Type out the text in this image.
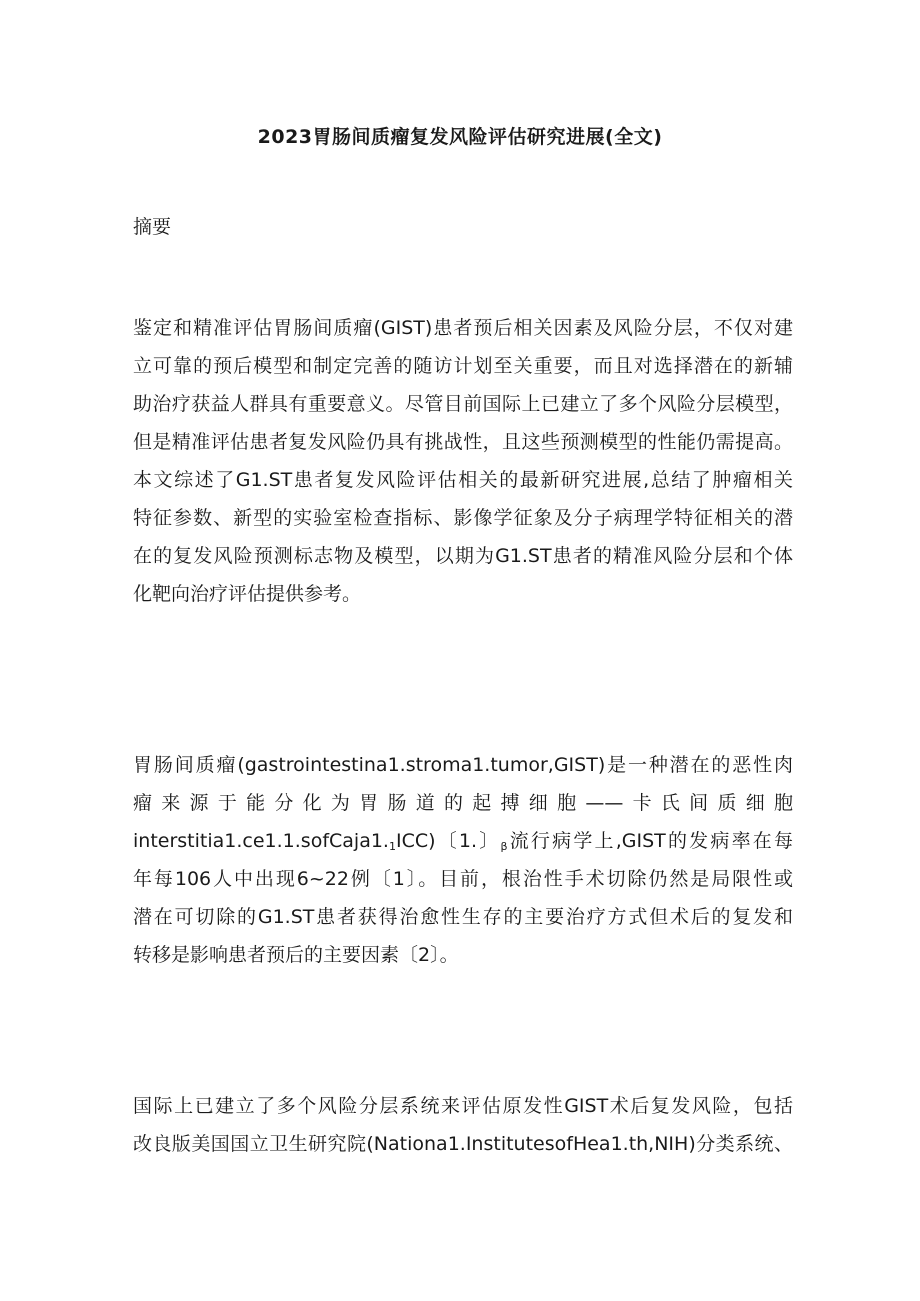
2023胃肠间质瘤复发风险评估研究进展(全文)
摘要
鉴定和精准评估胃肠间质瘤(GIST)患者预后相关因素及风险分层，不仅对建
立可靠的预后模型和制定完善的随访计划至关重要，而且对选择潜在的新辅
助治疗获益人群具有重要意义。尽管目前国际上已建立了多个风险分层模型，
但是精准评估患者复发风险仍具有挑战性，且这些预测模型的性能仍需提高。
本文综述了G1.ST患者复发风险评估相关的最新研究进展,总结了肿瘤相关
特征参数、新型的实验室检查指标、影像学征象及分子病理学特征相关的潜
在的复发风险预测标志物及模型，以期为G1.ST患者的精准风险分层和个体
化靶向治疗评估提供参考。
胃肠间质瘤(gastrointestina1.stroma1.tumor,GIST)是一种潜在的恶性肉
瘤来源于能分化为胃肠道的起搏细胞——卡氏间质细胞
$interstitia1.ce1.1.sofCaja1._1ICC$)〔1.〕$_\beta$流行病学上,GIST的发病率在每
年每106人中出现6~22例〔1〕。目前，根治性手术切除仍然是局限性或
潜在可切除的G1.ST患者获得治愈性生存的主要治疗方式但术后的复发和
转移是影响患者预后的主要因素〔2〕。
国际上已建立了多个风险分层系统来评估原发性GIST术后复发风险，包括
改良版美国国立卫生研究院(Nationa1.InstitutesofHea1.th,NIH)分类系统、
